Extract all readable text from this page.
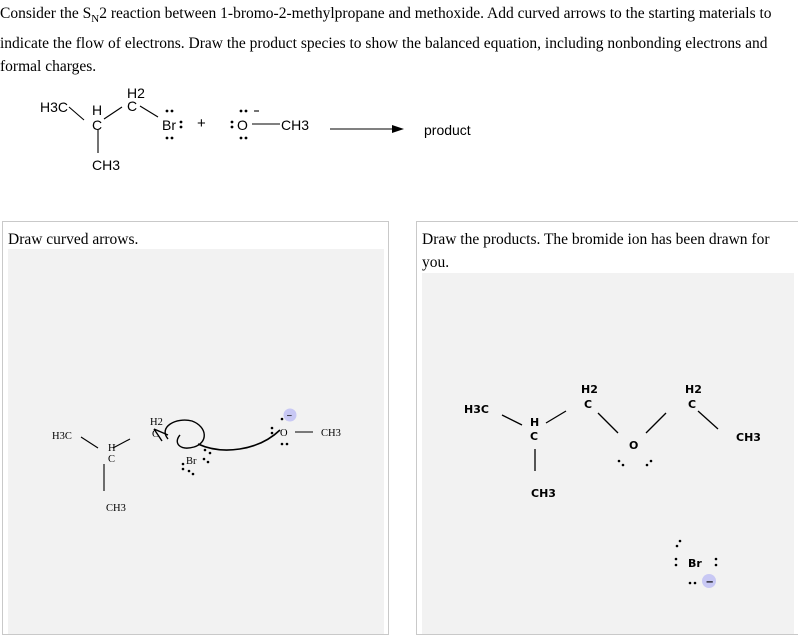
Consider the $S_N2$ reaction between 1-bromo-2-methylpropane and methoxide. Add curved arrows to the starting materials to indicate the flow of electrons. Draw the product species to show the balanced equation, including nonbonding electrons and formal charges.
H3C H
C
H2
C
CH3
Br + O CH3	product
Draw curved arrows.
H3C
H
C
CH3
H2
C
Br
O
−
CH3
Draw the products. The bromide ion has been drawn for you.
H3C
H
C
CH3
H2
C
O
H2
C
CH3
Br
−
